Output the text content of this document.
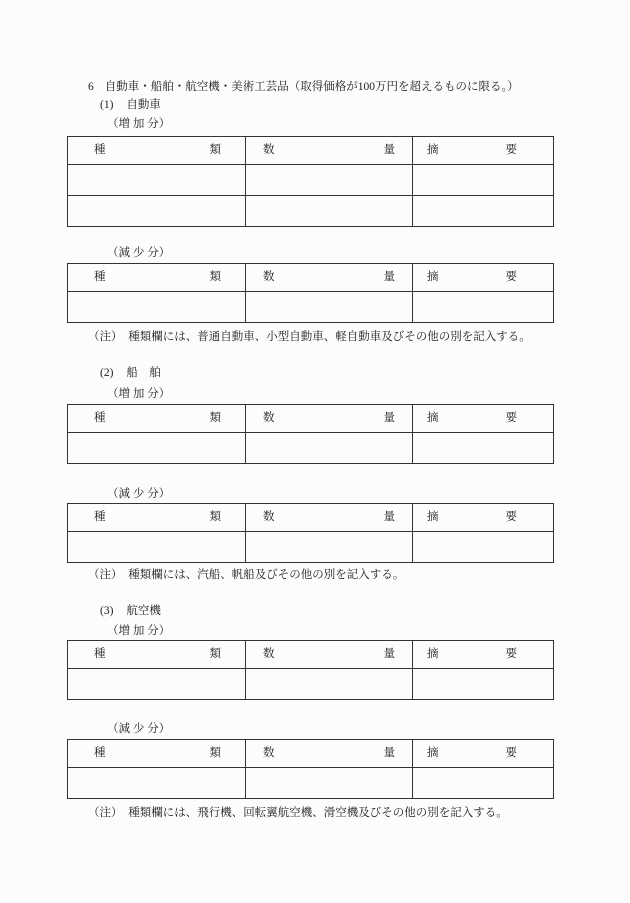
6 自動車・船舶・航空機・美術工芸品（取得価格が100万円を超えるものに限る。）
(1) 自動車
（増 加 分）
種 類	数 量	摘 要

（減 少 分）
種 類	数 量	摘 要

（注）　種類欄には、普通自動車、小型自動車、軽自動車及びその他の別を記入する。
(2) 船　舶
（増 加 分）
種 類	数 量	摘 要

（減 少 分）
種 類	数 量	摘 要

（注）　種類欄には、汽船、帆船及びその他の別を記入する。
(3) 航空機
（増 加 分）
種 類	数 量	摘 要

（減 少 分）
種 類	数 量	摘 要

（注）　種類欄には、飛行機、回転翼航空機、滑空機及びその他の別を記入する。
